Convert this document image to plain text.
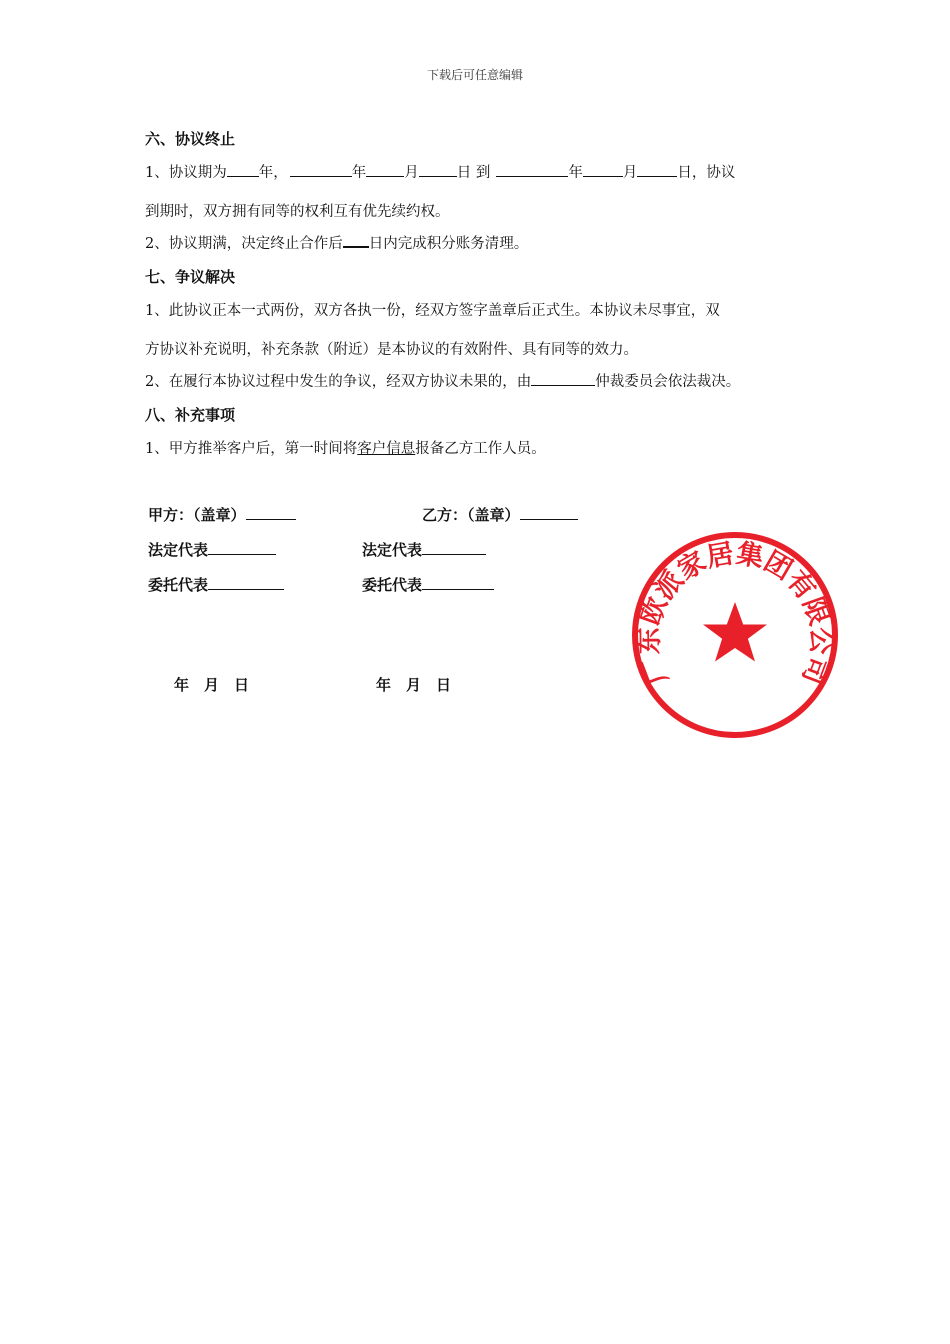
下载后可任意编辑
六、协议终止
1、协议期为 年，	年	月	日 到	年	月	日，协议
到期时，双方拥有同等的权利互有优先续约权。
2、协议期满，决定终止合作后 日内完成积分账务清理。
七、争议解决
1、此协议正本一式两份，双方各执一份，经双方签字盖章后正式生。本协议未尽事宜，双
方协议补充说明，补充条款（附近）是本协议的有效附件、具有同等的效力。
2、在履行本协议过程中发生的争议，经双方协议未果的，由	仲裁委员会依法裁决。
八、补充事项
1、甲方推举客户后，第一时间将客户信息报备乙方工作人员。
甲方：（盖章）	乙方：（盖章）
法定代表	法定代表
委托代表	委托代表
年　月　日	年　月　日	广东欧派家居集团有限公司
